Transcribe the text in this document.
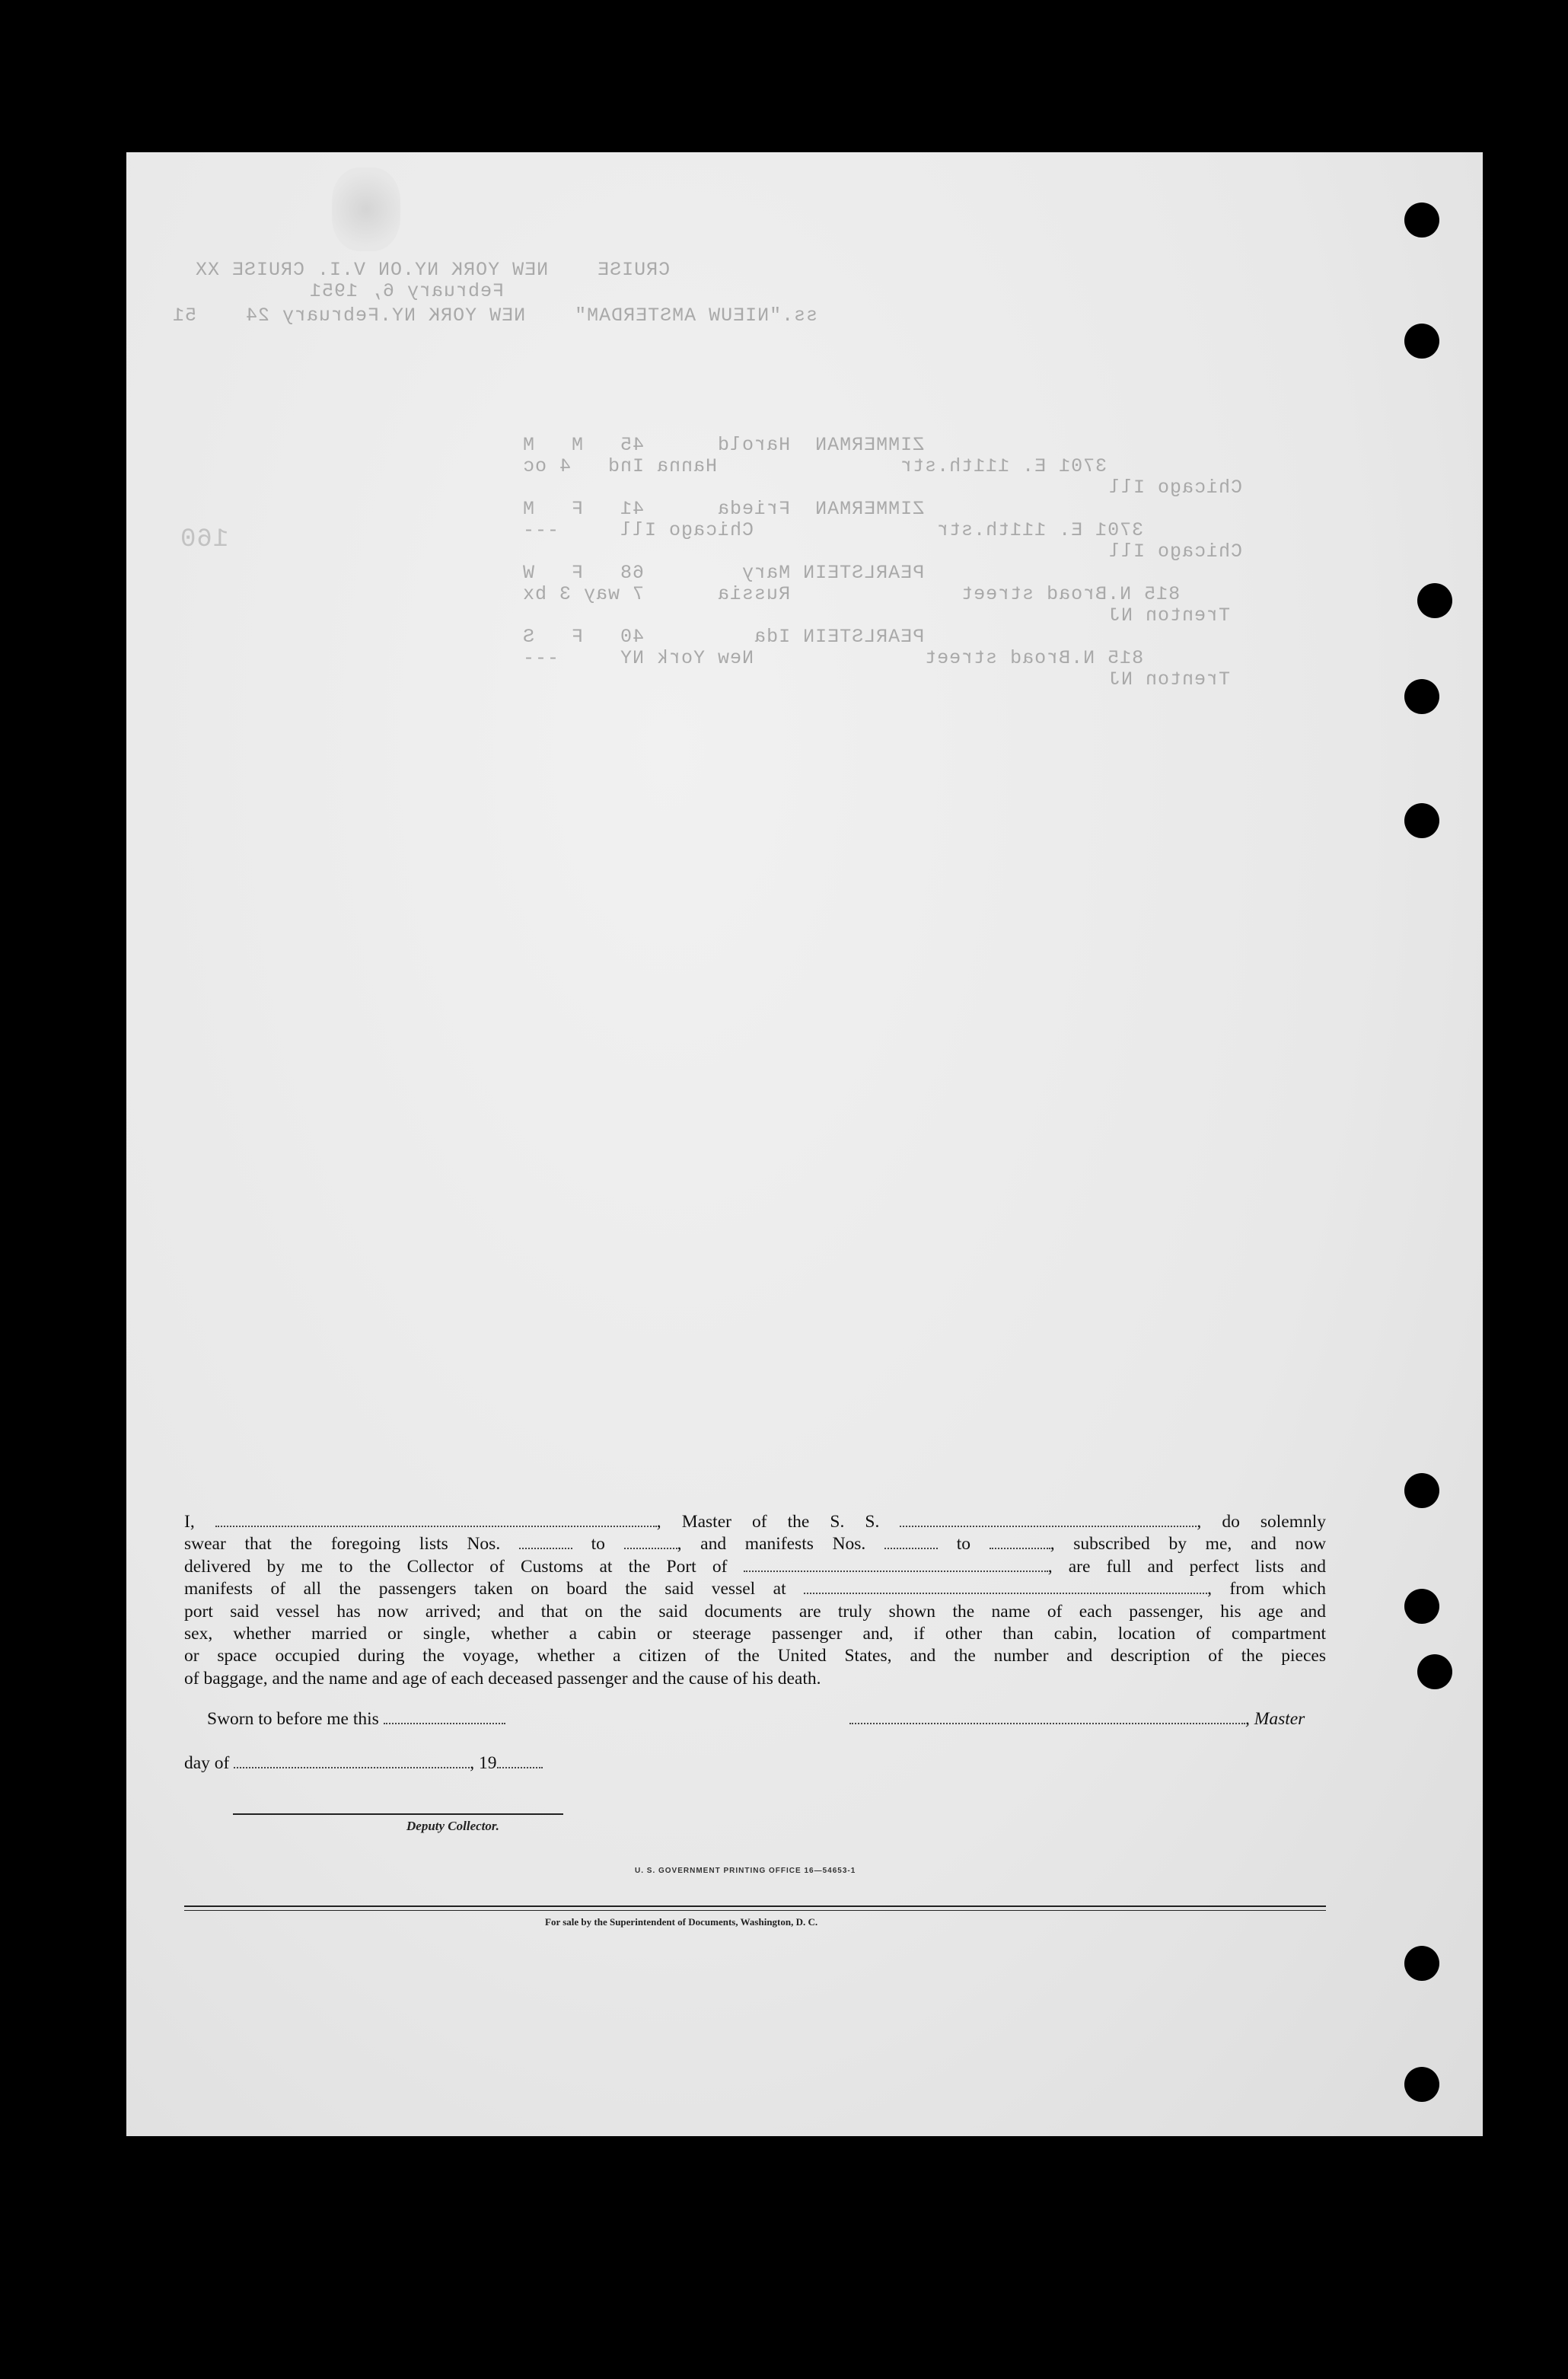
CRUISE    NEW YORK NY.ON V.I. CRUISE XX
February 6, 1951
ss."NIEUW AMSTERDAM"    NEW YORK NY.February 24    51
ZIMMERMAN  Harold      45   M   M
3701 E. 111th.str               Hanna Ind   4 oc
Chicago Ill
ZIMMERMAN  Frieda      41   F   M
3701 E. 111th.str               Chicago Ill     ---
Chicago Ill
PEARLSTEIN Mary        68   F   W
815 N.Broad street              Russia      7 way 3 bx
Trenton NJ
PEARLSTEIN Ida         40   F   S
815 N.Broad street              New York NY     ---
Trenton NJ
160
I,	, Master of the S. S.	, do solemnly
swear that the foregoing lists Nos.	to	, and manifests Nos.	to	, subscribed by me, and now
delivered by me to the Collector of Customs at the Port of	, are full and perfect lists and
manifests of all the passengers taken on board the said vessel at	, from which
port said vessel has now arrived; and that on the said documents are truly shown the name of each passenger, his age and
sex, whether married or single, whether a cabin or steerage passenger and, if other than cabin, location of compartment
or space occupied during the voyage, whether a citizen of the United States, and the number and description of the pieces
of baggage, and the name and age of each deceased passenger and the cause of his death.
Sworn to before me this	, Master
day of	, 19
Deputy Collector.
U. S. GOVERNMENT PRINTING OFFICE 16—54653-1
For sale by the Superintendent of Documents, Washington, D. C.
